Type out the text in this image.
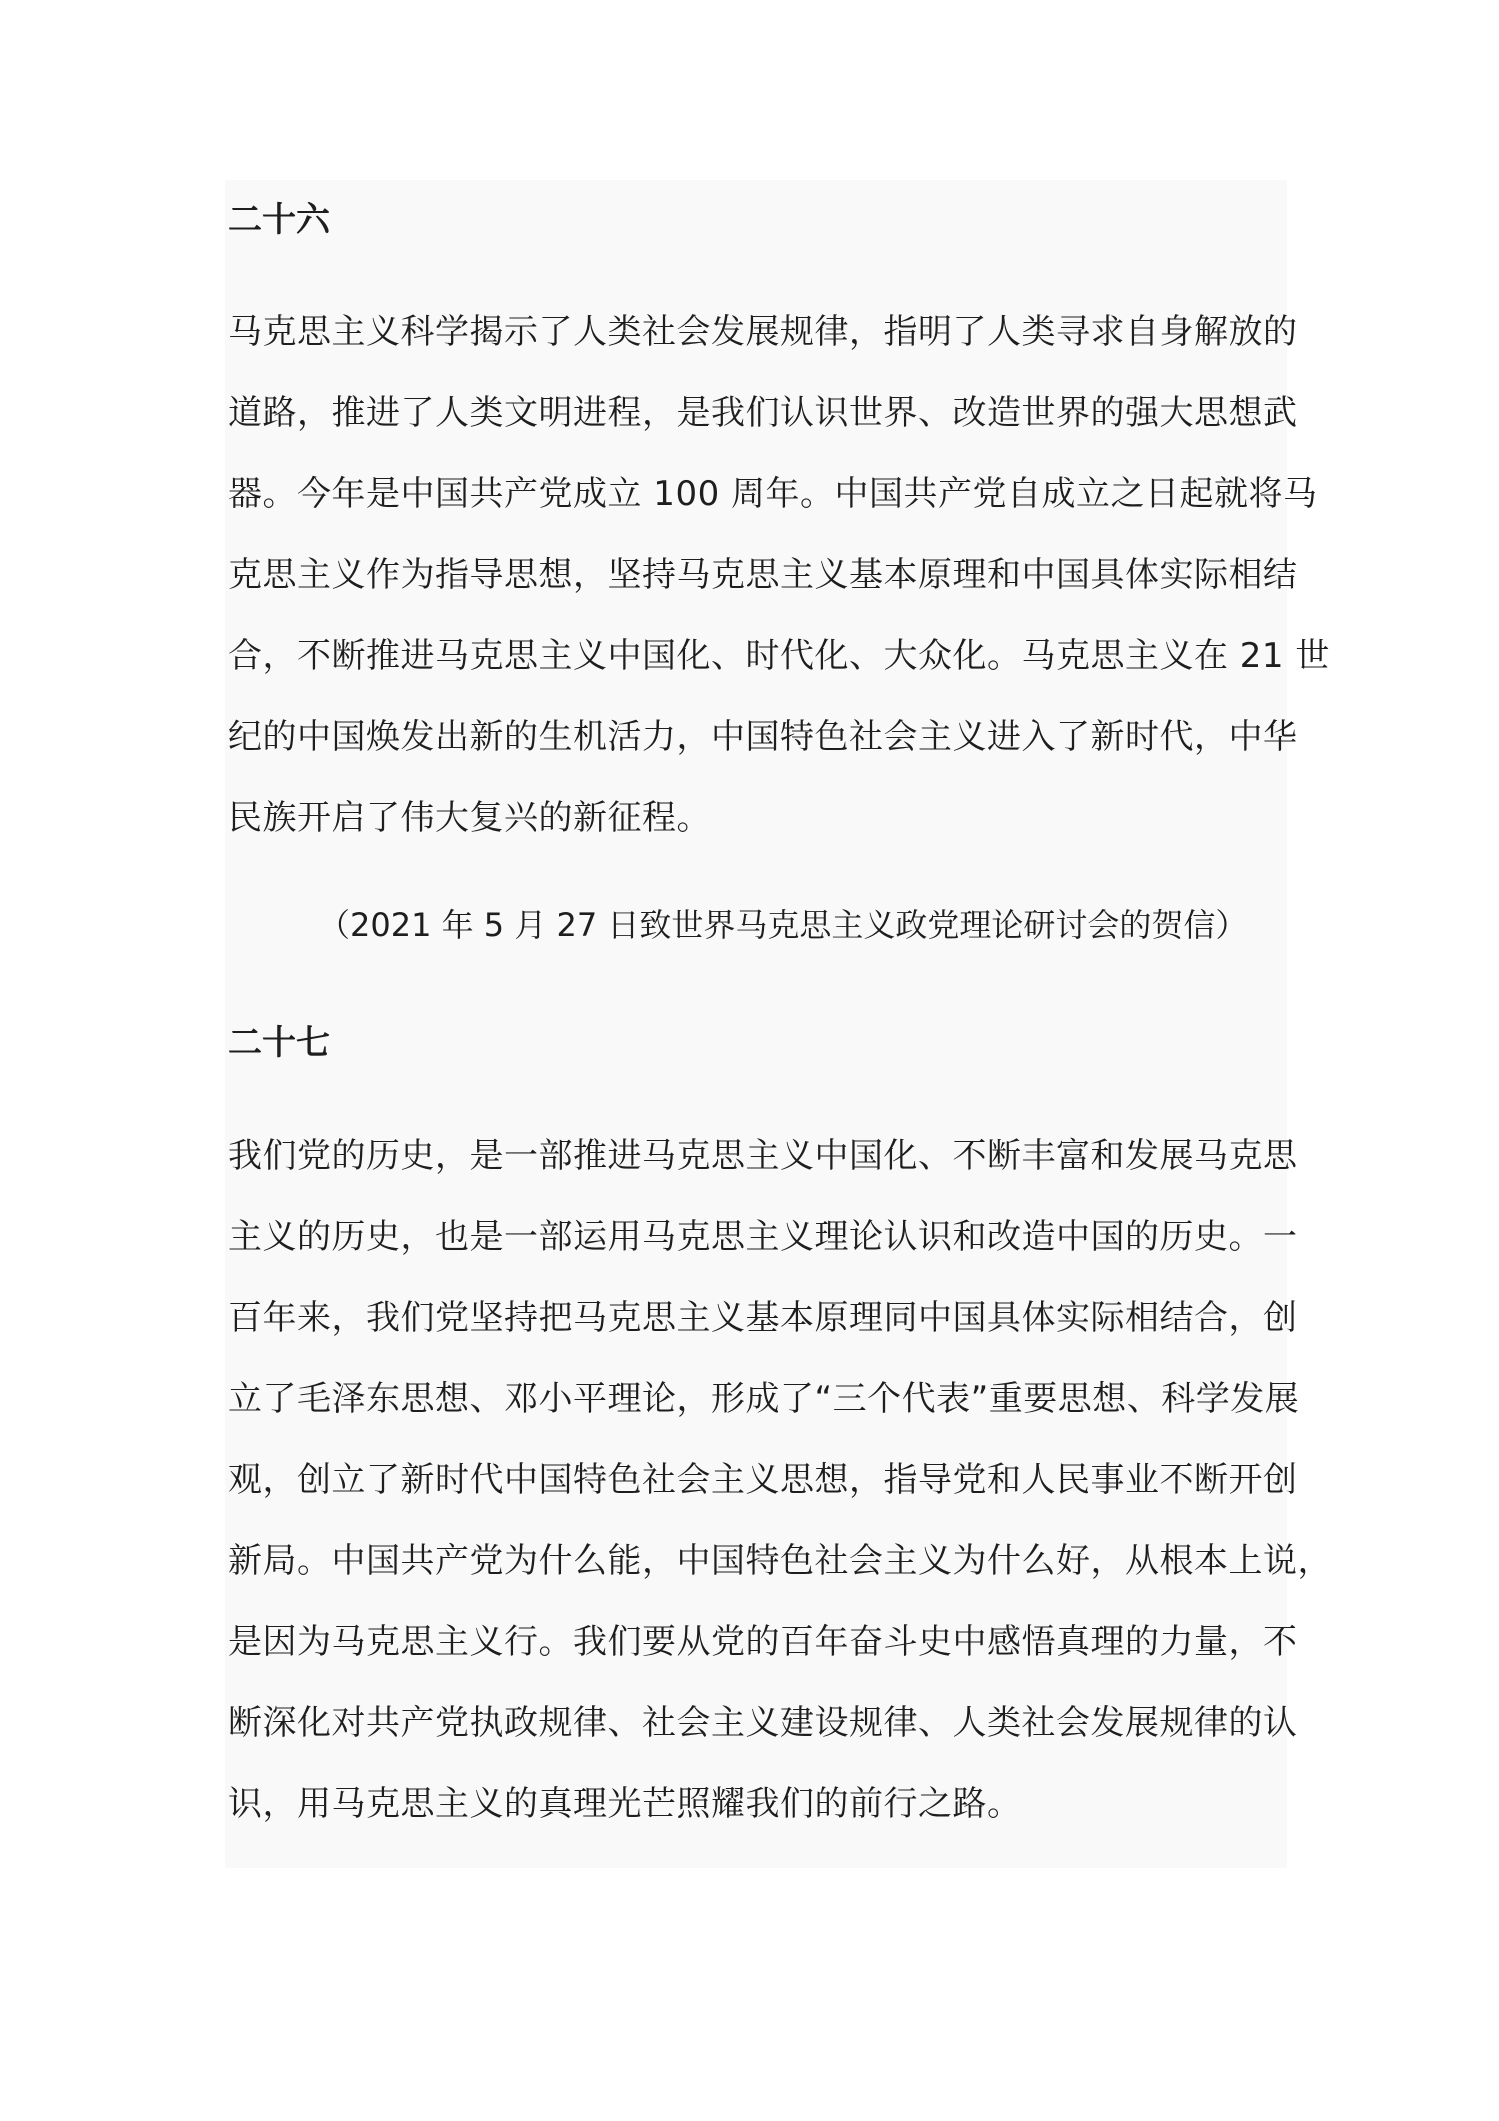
二十六

马克思主义科学揭示了人类社会发展规律，指明了人类寻求自身解放的
道路，推进了人类文明进程，是我们认识世界、改造世界的强大思想武
器。今年是中国共产党成立 100 周年。中国共产党自成立之日起就将马
克思主义作为指导思想，坚持马克思主义基本原理和中国具体实际相结
合，不断推进马克思主义中国化、时代化、大众化。马克思主义在 21 世
纪的中国焕发出新的生机活力，中国特色社会主义进入了新时代，中华
民族开启了伟大复兴的新征程。

（2021 年 5 月 27 日致世界马克思主义政党理论研讨会的贺信）

二十七

我们党的历史，是一部推进马克思主义中国化、不断丰富和发展马克思
主义的历史，也是一部运用马克思主义理论认识和改造中国的历史。一
百年来，我们党坚持把马克思主义基本原理同中国具体实际相结合，创
立了毛泽东思想、邓小平理论，形成了“三个代表”重要思想、科学发展
观，创立了新时代中国特色社会主义思想，指导党和人民事业不断开创
新局。中国共产党为什么能，中国特色社会主义为什么好，从根本上说，
是因为马克思主义行。我们要从党的百年奋斗史中感悟真理的力量，不
断深化对共产党执政规律、社会主义建设规律、人类社会发展规律的认
识，用马克思主义的真理光芒照耀我们的前行之路。
